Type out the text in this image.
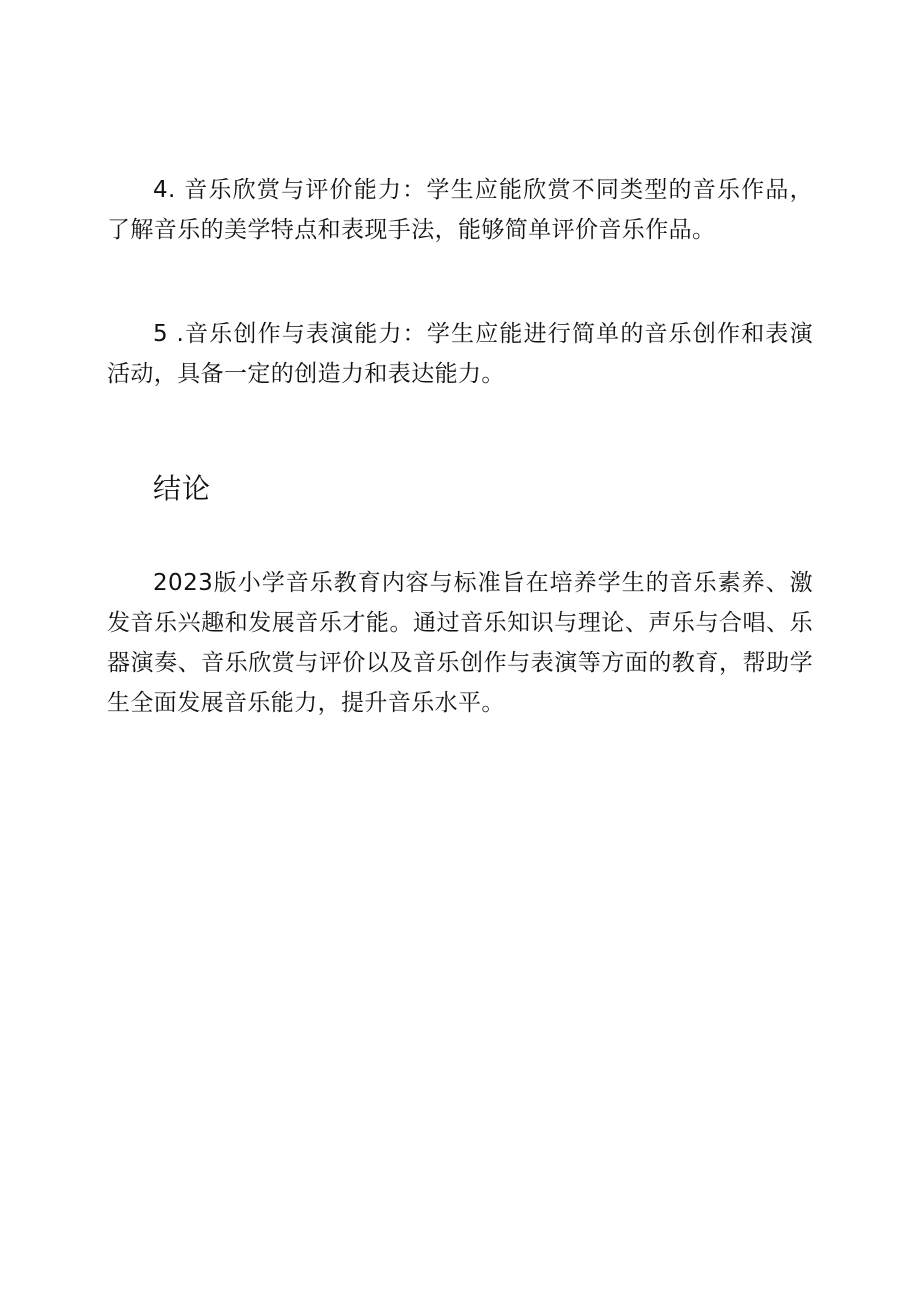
4. 音乐欣赏与评价能力：学生应能欣赏不同类型的音乐作品，了解音乐的美学特点和表现手法，能够简单评价音乐作品。

5 .音乐创作与表演能力：学生应能进行简单的音乐创作和表演活动，具备一定的创造力和表达能力。

结论

2023版小学音乐教育内容与标准旨在培养学生的音乐素养、激发音乐兴趣和发展音乐才能。通过音乐知识与理论、声乐与合唱、乐器演奏、音乐欣赏与评价以及音乐创作与表演等方面的教育，帮助学生全面发展音乐能力，提升音乐水平。
